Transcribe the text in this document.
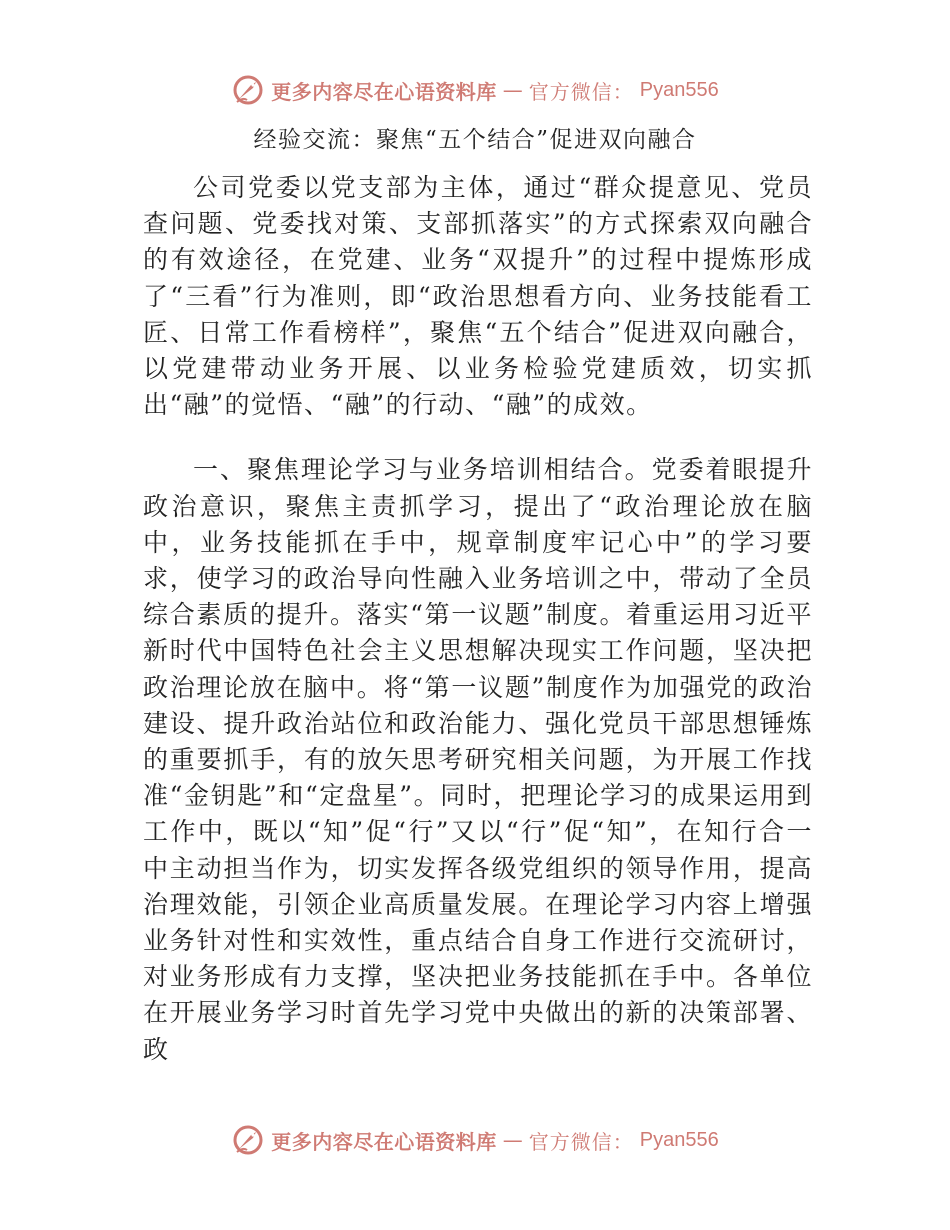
更多内容尽在心语资料库 — 官方微信： Pyan556
经验交流：聚焦“五个结合”促进双向融合

公司党委以党支部为主体，通过“群众提意见、党员查问题、党委找对策、支部抓落实”的方式探索双向融合的有效途径，在党建、业务“双提升”的过程中提炼形成了“三看”行为准则，即“政治思想看方向、业务技能看工匠、日常工作看榜样”，聚焦“五个结合”促进双向融合，以党建带动业务开展、以业务检验党建质效，切实抓出“融”的觉悟、“融”的行动、“融”的成效。

一、聚焦理论学习与业务培训相结合。党委着眼提升政治意识，聚焦主责抓学习，提出了“政治理论放在脑中，业务技能抓在手中，规章制度牢记心中”的学习要求，使学习的政治导向性融入业务培训之中，带动了全员综合素质的提升。落实“第一议题”制度。着重运用习近平新时代中国特色社会主义思想解决现实工作问题，坚决把政治理论放在脑中。将“第一议题”制度作为加强党的政治建设、提升政治站位和政治能力、强化党员干部思想锤炼的重要抓手，有的放矢思考研究相关问题，为开展工作找准“金钥匙”和“定盘星”。同时，把理论学习的成果运用到工作中，既以“知”促“行”又以“行”促“知”，在知行合一中主动担当作为，切实发挥各级党组织的领导作用，提高治理效能，引领企业高质量发展。在理论学习内容上增强业务针对性和实效性，重点结合自身工作进行交流研讨，对业务形成有力支撑，坚决把业务技能抓在手中。各单位在开展业务学习时首先学习党中央做出的新的决策部署、政

更多内容尽在心语资料库 — 官方微信： Pyan556
